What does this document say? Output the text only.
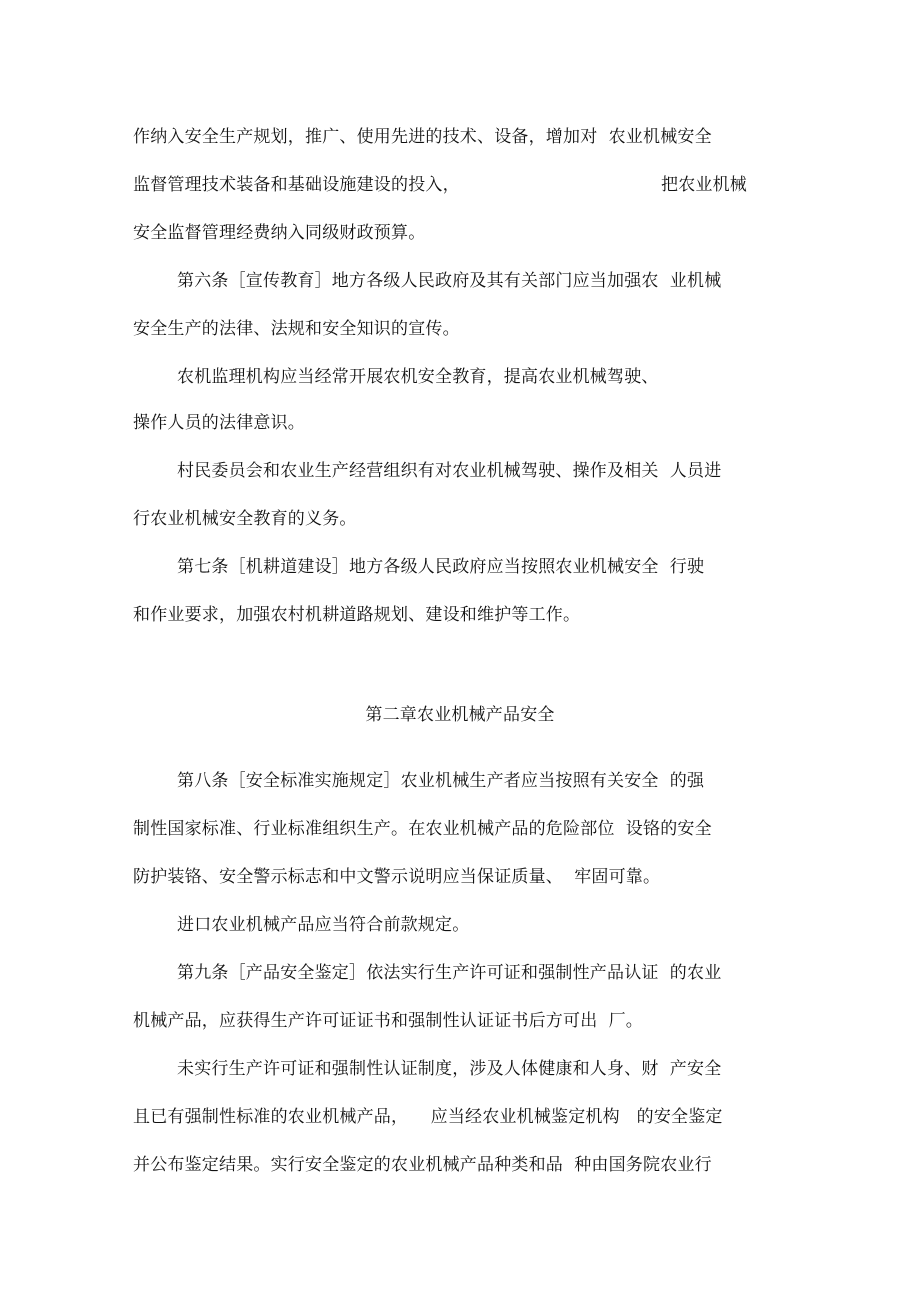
作纳入安全生产规划，推广、使用先进的技术、设备，增加对  农业机械安全
监督管理技术装备和基础设施建设的投入，	把农业机械
安全监督管理经费纳入同级财政预算。
第六条［宣传教育］地方各级人民政府及其有关部门应当加强农  业机械
安全生产的法律、法规和安全知识的宣传。
农机监理机构应当经常开展农机安全教育，提高农业机械驾驶、
操作人员的法律意识。
村民委员会和农业生产经营组织有对农业机械驾驶、操作及相关  人员进
行农业机械安全教育的义务。
第七条［机耕道建设］地方各级人民政府应当按照农业机械安全  行驶
和作业要求，加强农村机耕道路规划、建设和维护等工作。
第二章农业机械产品安全
第八条［安全标准实施规定］农业机械生产者应当按照有关安全  的强
制性国家标准、行业标准组织生产。在农业机械产品的危险部位  设铬的安全
防护装铬、安全警示标志和中文警示说明应当保证质量、  牢固可靠。
进口农业机械产品应当符合前款规定。
第九条［产品安全鉴定］依法实行生产许可证和强制性产品认证  的农业
机械产品，应获得生产许可证证书和强制性认证证书后方可出  厂。
未实行生产许可证和强制性认证制度，涉及人体健康和人身、财  产安全
且已有强制性标准的农业机械产品，    应当经农业机械鉴定机构   的安全鉴定
并公布鉴定结果。实行安全鉴定的农业机械产品种类和品  种由国务院农业行
